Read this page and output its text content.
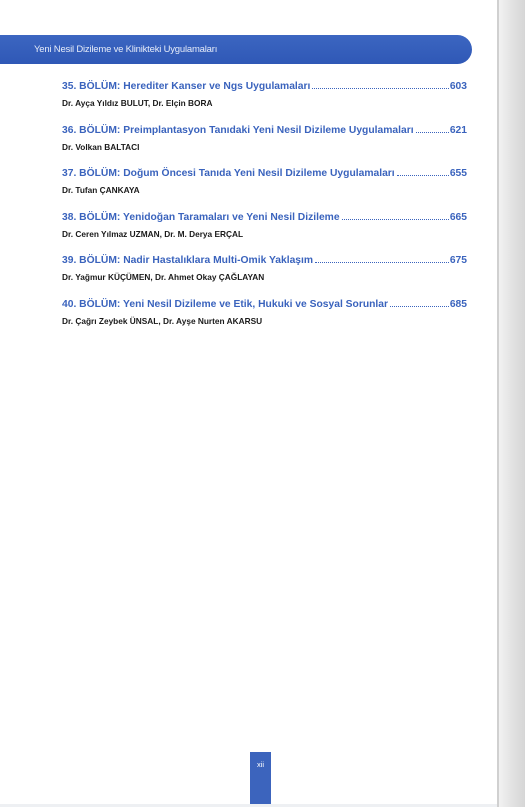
Yeni Nesil Dizileme ve Klinikteki Uygulamaları
35. BÖLÜM: Herediter Kanser ve Ngs Uygulamaları	603
Dr. Ayça Yıldız BULUT, Dr. Elçin BORA
36. BÖLÜM: Preimplantasyon Tanıdaki Yeni Nesil Dizileme Uygulamaları	621
Dr. Volkan BALTACI
37. BÖLÜM: Doğum Öncesi Tanıda Yeni Nesil Dizileme Uygulamaları	655
Dr. Tufan ÇANKAYA
38. BÖLÜM: Yenidoğan Taramaları ve Yeni Nesil Dizileme	665
Dr. Ceren Yılmaz UZMAN, Dr. M. Derya ERÇAL
39. BÖLÜM: Nadir Hastalıklara Multi-Omik Yaklaşım	675
Dr. Yağmur KÜÇÜMEN, Dr. Ahmet Okay ÇAĞLAYAN
40. BÖLÜM: Yeni Nesil Dizileme ve Etik, Hukuki ve Sosyal Sorunlar	685
Dr. Çağrı Zeybek ÜNSAL, Dr. Ayşe Nurten AKARSU
xii
